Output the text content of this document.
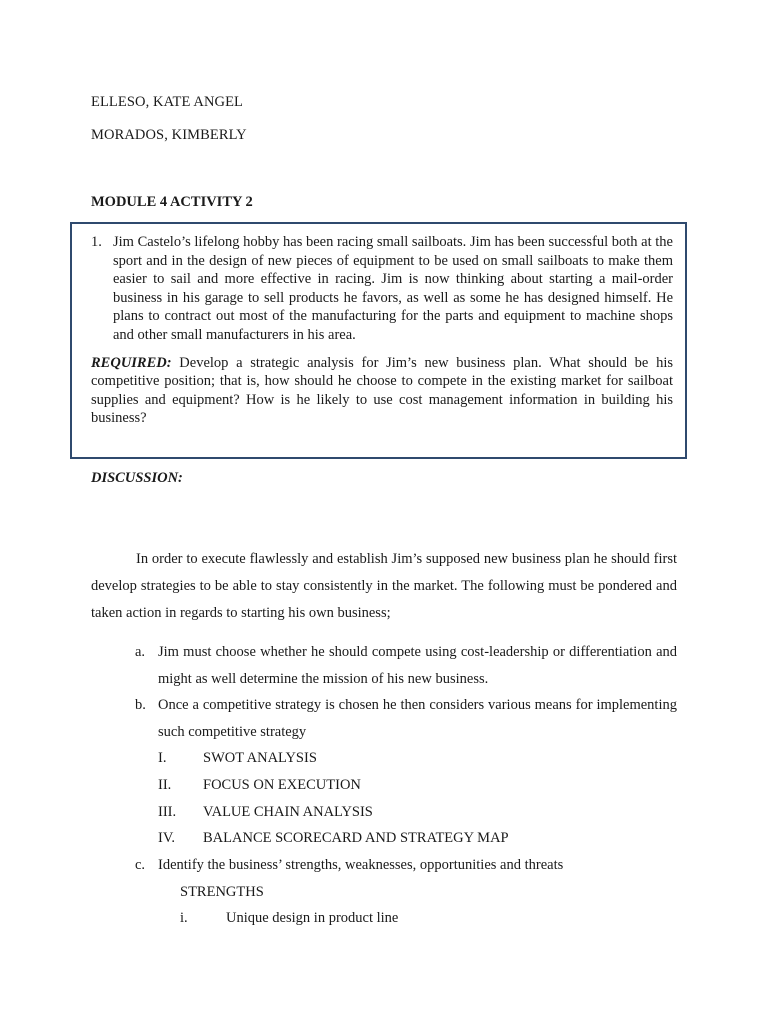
ELLESO, KATE ANGEL
MORADOS, KIMBERLY
MODULE 4 ACTIVITY 2
1. Jim Castelo’s lifelong hobby has been racing small sailboats. Jim has been successful both at the sport and in the design of new pieces of equipment to be used on small sailboats to make them easier to sail and more effective in racing. Jim is now thinking about starting a mail-order business in his garage to sell products he favors, as well as some he has designed himself. He plans to contract out most of the manufacturing for the parts and equipment to machine shops and other small manufacturers in his area.
REQUIRED: Develop a strategic analysis for Jim’s new business plan. What should be his competitive position; that is, how should he choose to compete in the existing market for sailboat supplies and equipment? How is he likely to use cost management information in building his business?
DISCUSSION:
In order to execute flawlessly and establish Jim’s supposed new business plan he should first develop strategies to be able to stay consistently in the market. The following must be pondered and taken action in regards to starting his own business;
a. Jim must choose whether he should compete using cost-leadership or differentiation and might as well determine the mission of his new business.
b. Once a competitive strategy is chosen he then considers various means for implementing such competitive strategy
I.	SWOT ANALYSIS
II.	FOCUS ON EXECUTION
III.	VALUE CHAIN ANALYSIS
IV.	BALANCE SCORECARD AND STRATEGY MAP
c. Identify the business’ strengths, weaknesses, opportunities and threats
STRENGTHS
i.	Unique design in product line
